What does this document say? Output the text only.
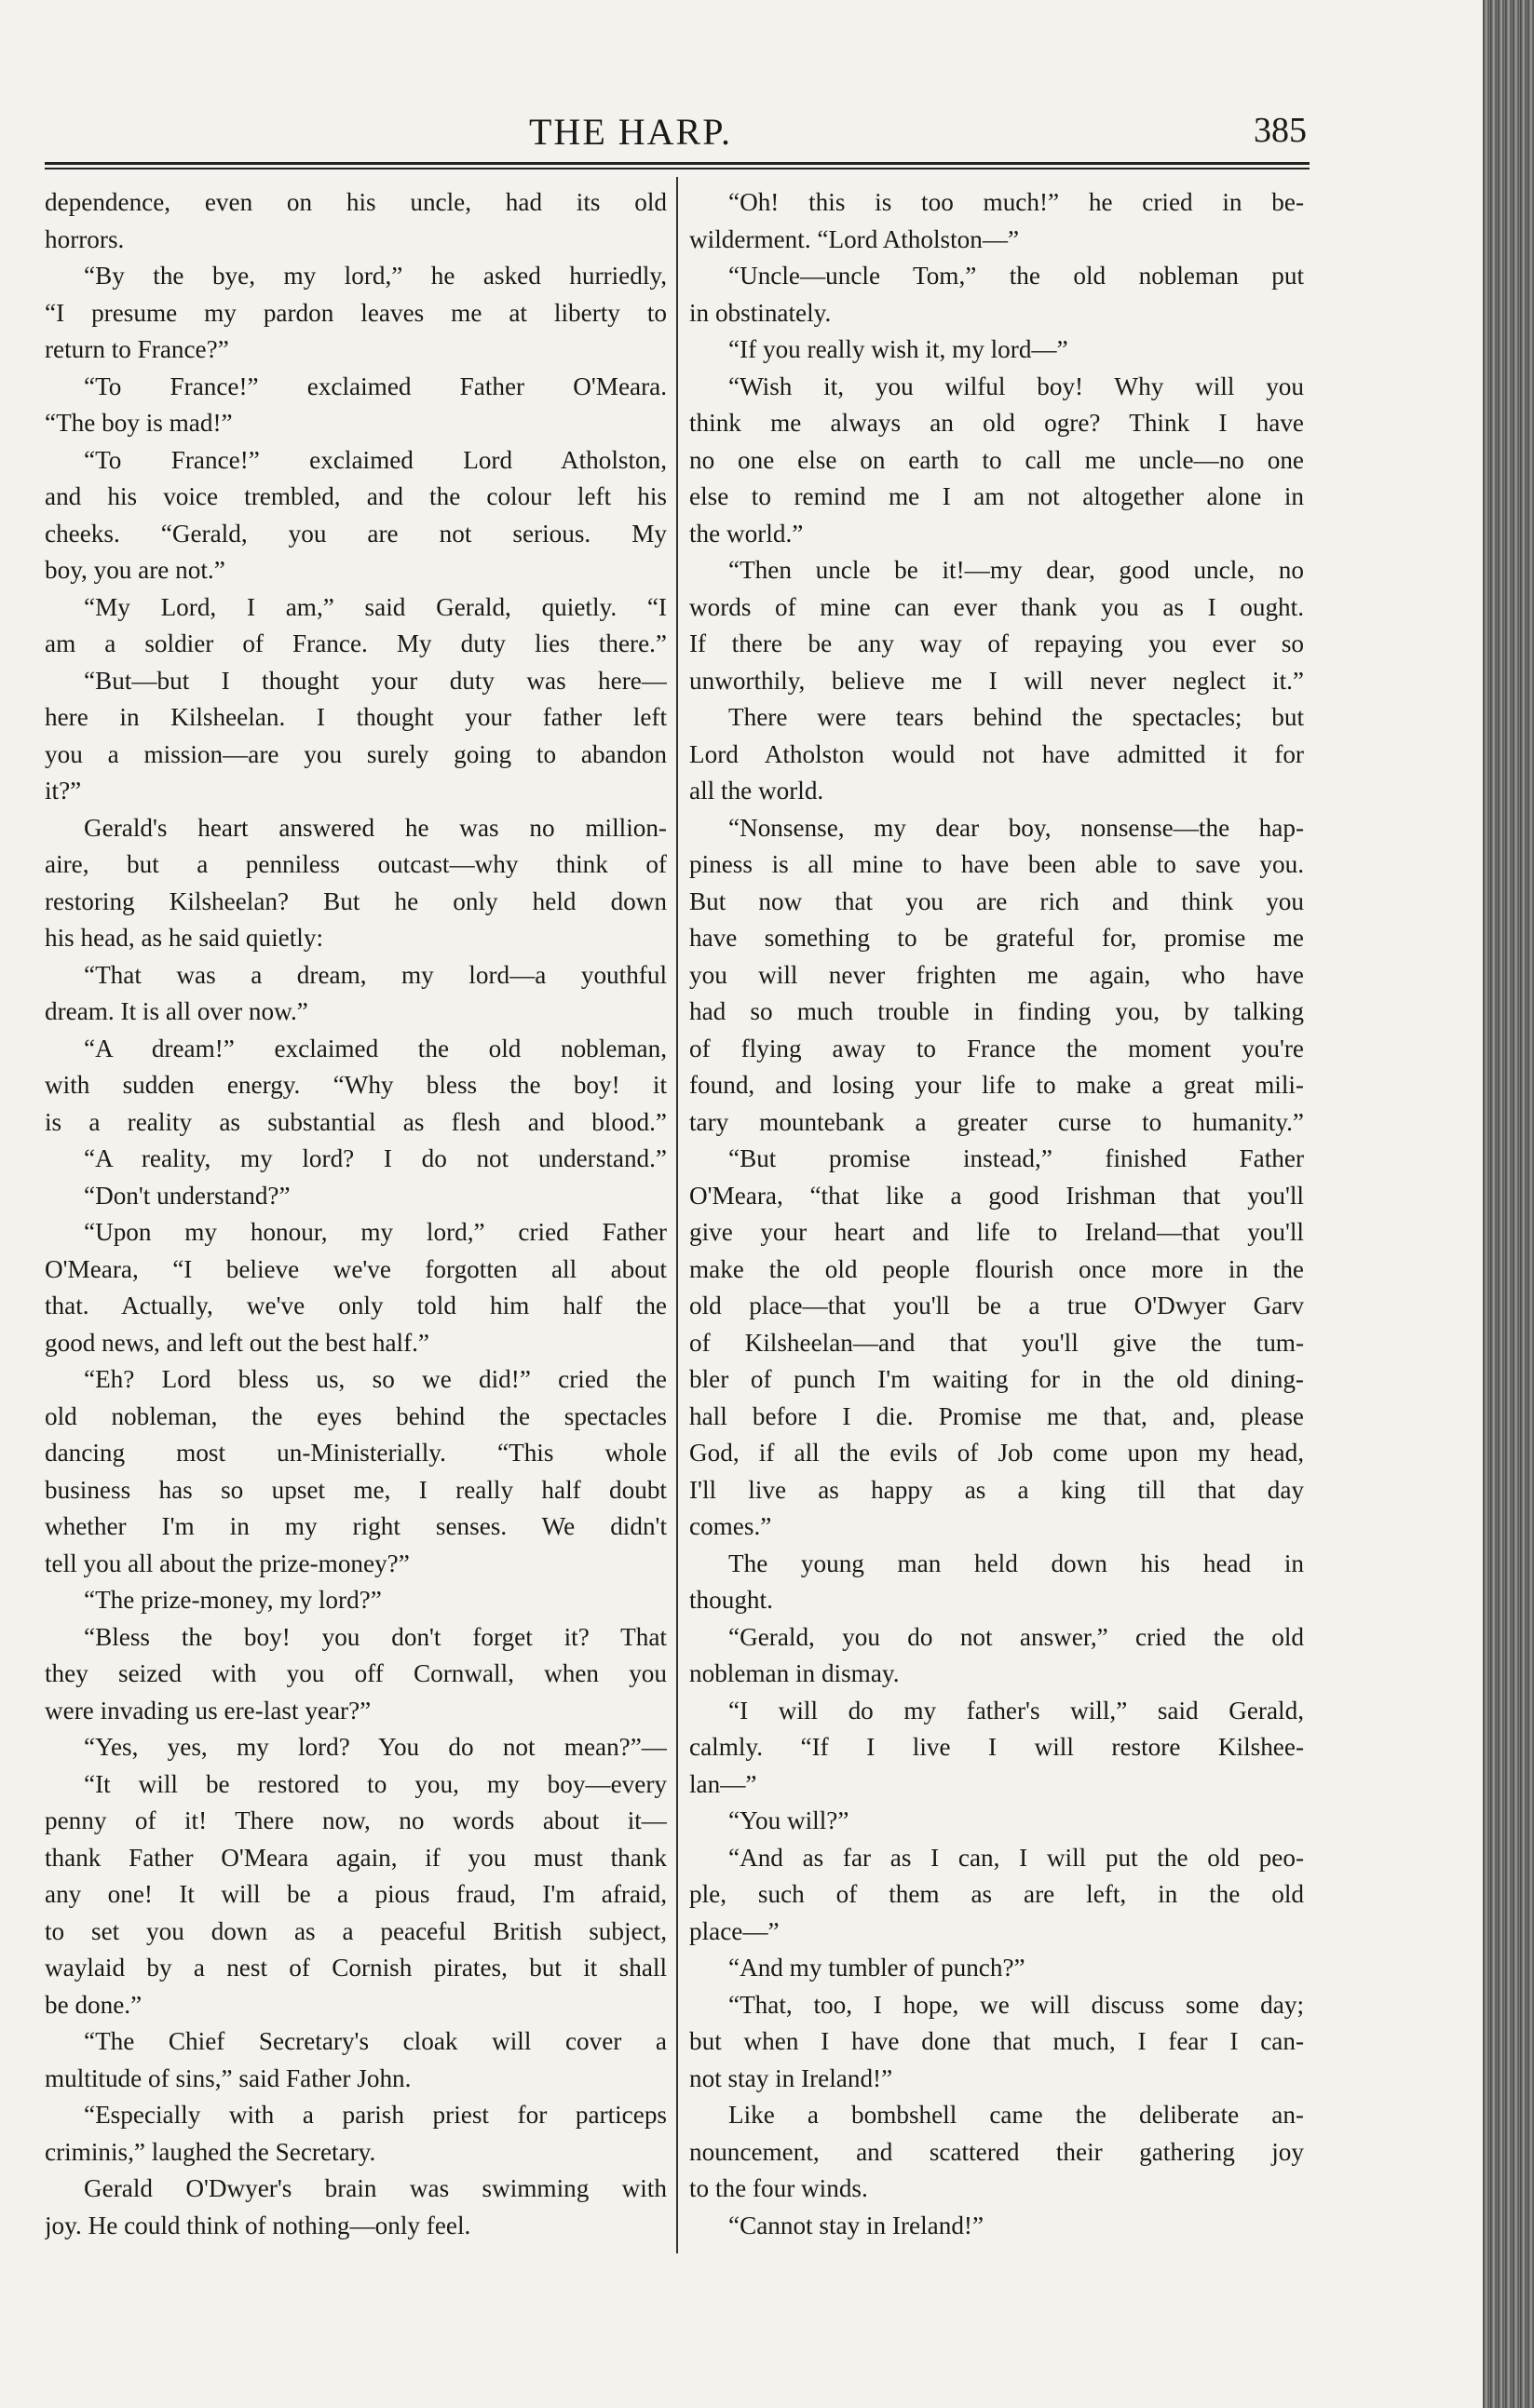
THE HARP.	385
dependence, even on his uncle, had its old
horrors.
“By the bye, my lord,” he asked hurriedly,
“I presume my pardon leaves me at liberty to
return to France?”
“To France!” exclaimed Father O'Meara.
“The boy is mad!”
“To France!” exclaimed Lord Atholston,
and his voice trembled, and the colour left his
cheeks. “Gerald, you are not serious. My
boy, you are not.”
“My Lord, I am,” said Gerald, quietly. “I
am a soldier of France. My duty lies there.”
“But—but I thought your duty was here—
here in Kilsheelan. I thought your father left
you a mission—are you surely going to abandon
it?”
Gerald's heart answered he was no million-
aire, but a penniless outcast—why think of
restoring Kilsheelan? But he only held down
his head, as he said quietly:
“That was a dream, my lord—a youthful
dream. It is all over now.”
“A dream!” exclaimed the old nobleman,
with sudden energy. “Why bless the boy! it
is a reality as substantial as flesh and blood.”
“A reality, my lord? I do not understand.”
“Don't understand?”
“Upon my honour, my lord,” cried Father
O'Meara, “I believe we've forgotten all about
that. Actually, we've only told him half the
good news, and left out the best half.”
“Eh? Lord bless us, so we did!” cried the
old nobleman, the eyes behind the spectacles
dancing most un-Ministerially. “This whole
business has so upset me, I really half doubt
whether I'm in my right senses. We didn't
tell you all about the prize-money?”
“The prize-money, my lord?”
“Bless the boy! you don't forget it? That
they seized with you off Cornwall, when you
were invading us ere-last year?”
“Yes, yes, my lord? You do not mean?”—
“It will be restored to you, my boy—every
penny of it! There now, no words about it—
thank Father O'Meara again, if you must thank
any one! It will be a pious fraud, I'm afraid,
to set you down as a peaceful British subject,
waylaid by a nest of Cornish pirates, but it shall
be done.”
“The Chief Secretary's cloak will cover a
multitude of sins,” said Father John.
“Especially with a parish priest for particeps
criminis,” laughed the Secretary.
Gerald O'Dwyer's brain was swimming with
joy. He could think of nothing—only feel.
“Oh! this is too much!” he cried in be-
wilderment. “Lord Atholston—”
“Uncle—uncle Tom,” the old nobleman put
in obstinately.
“If you really wish it, my lord—”
“Wish it, you wilful boy! Why will you
think me always an old ogre? Think I have
no one else on earth to call me uncle—no one
else to remind me I am not altogether alone in
the world.”
“Then uncle be it!—my dear, good uncle, no
words of mine can ever thank you as I ought.
If there be any way of repaying you ever so
unworthily, believe me I will never neglect it.”
There were tears behind the spectacles; but
Lord Atholston would not have admitted it for
all the world.
“Nonsense, my dear boy, nonsense—the hap-
piness is all mine to have been able to save you.
But now that you are rich and think you
have something to be grateful for, promise me
you will never frighten me again, who have
had so much trouble in finding you, by talking
of flying away to France the moment you're
found, and losing your life to make a great mili-
tary mountebank a greater curse to humanity.”
“But promise instead,” finished Father
O'Meara, “that like a good Irishman that you'll
give your heart and life to Ireland—that you'll
make the old people flourish once more in the
old place—that you'll be a true O'Dwyer Garv
of Kilsheelan—and that you'll give the tum-
bler of punch I'm waiting for in the old dining-
hall before I die. Promise me that, and, please
God, if all the evils of Job come upon my head,
I'll live as happy as a king till that day
comes.”
The young man held down his head in
thought.
“Gerald, you do not answer,” cried the old
nobleman in dismay.
“I will do my father's will,” said Gerald,
calmly. “If I live I will restore Kilshee-
lan—”
“You will?”
“And as far as I can, I will put the old peo-
ple, such of them as are left, in the old
place—”
“And my tumbler of punch?”
“That, too, I hope, we will discuss some day;
but when I have done that much, I fear I can-
not stay in Ireland!”
Like a bombshell came the deliberate an-
nouncement, and scattered their gathering joy
to the four winds.
“Cannot stay in Ireland!”
